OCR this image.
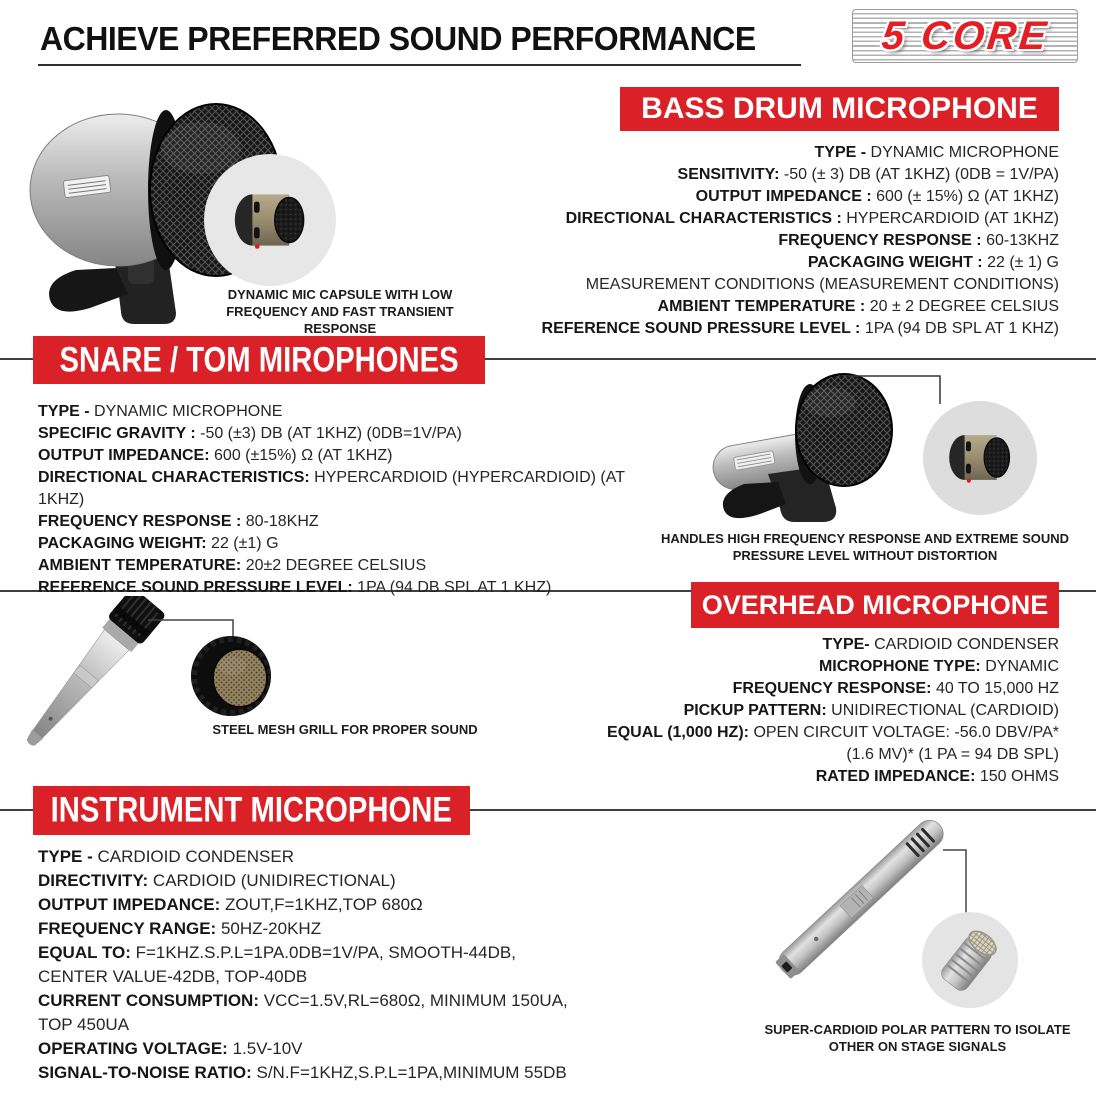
ACHIEVE PREFERRED SOUND PERFORMANCE	5 CORE
BASS DRUM MICROPHONE
SNARE / TOM MIROPHONES
OVERHEAD MICROPHONE
INSTRUMENT MICROPHONE
TYPE - DYNAMIC MICROPHONE
SENSITIVITY: -50 (± 3) DB (AT 1KHZ) (0DB = 1V/PA)
OUTPUT IMPEDANCE : 600 (± 15%) Ω (AT 1KHZ)
DIRECTIONAL CHARACTERISTICS : HYPERCARDIOID (AT 1KHZ)
FREQUENCY RESPONSE : 60-13KHZ
PACKAGING WEIGHT : 22 (± 1) G
MEASUREMENT CONDITIONS (MEASUREMENT CONDITIONS)
AMBIENT TEMPERATURE : 20 ± 2 DEGREE CELSIUS
REFERENCE SOUND PRESSURE LEVEL : 1PA (94 DB SPL AT 1 KHZ)
TYPE - DYNAMIC MICROPHONE
SPECIFIC GRAVITY : -50 (±3) DB (AT 1KHZ) (0DB=1V/PA)
OUTPUT IMPEDANCE: 600 (±15%) Ω (AT 1KHZ)
DIRECTIONAL CHARACTERISTICS: HYPERCARDIOID (HYPERCARDIOID) (AT 1KHZ)
FREQUENCY RESPONSE : 80-18KHZ
PACKAGING WEIGHT: 22 (±1) G
AMBIENT TEMPERATURE: 20±2 DEGREE CELSIUS
REFERENCE SOUND PRESSURE LEVEL: 1PA (94 DB SPL AT 1 KHZ)
TYPE- CARDIOID CONDENSER
MICROPHONE TYPE: DYNAMIC
FREQUENCY RESPONSE: 40 TO 15,000 HZ
PICKUP PATTERN: UNIDIRECTIONAL (CARDIOID)
EQUAL (1,000 HZ): OPEN CIRCUIT VOLTAGE: -56.0 DBV/PA* (1.6 MV)* (1 PA = 94 DB SPL)
RATED IMPEDANCE: 150 OHMS
TYPE - CARDIOID CONDENSER
DIRECTIVITY: CARDIOID (UNIDIRECTIONAL)
OUTPUT IMPEDANCE: ZOUT,F=1KHZ,TOP 680Ω
FREQUENCY RANGE: 50HZ-20KHZ
EQUAL TO: F=1KHZ.S.P.L=1PA.0DB=1V/PA, SMOOTH-44DB, CENTER VALUE-42DB, TOP-40DB
CURRENT CONSUMPTION: VCC=1.5V,RL=680Ω, MINIMUM 150UA, TOP 450UA
OPERATING VOLTAGE: 1.5V-10V
SIGNAL-TO-NOISE RATIO: S/N.F=1KHZ,S.P.L=1PA,MINIMUM 55DB
DYNAMIC MIC CAPSULE WITH LOW FREQUENCY AND FAST TRANSIENT RESPONSE
HANDLES HIGH FREQUENCY RESPONSE AND EXTREME SOUND PRESSURE LEVEL WITHOUT DISTORTION
STEEL MESH GRILL FOR PROPER SOUND
SUPER-CARDIOID POLAR PATTERN TO ISOLATE OTHER ON STAGE SIGNALS
